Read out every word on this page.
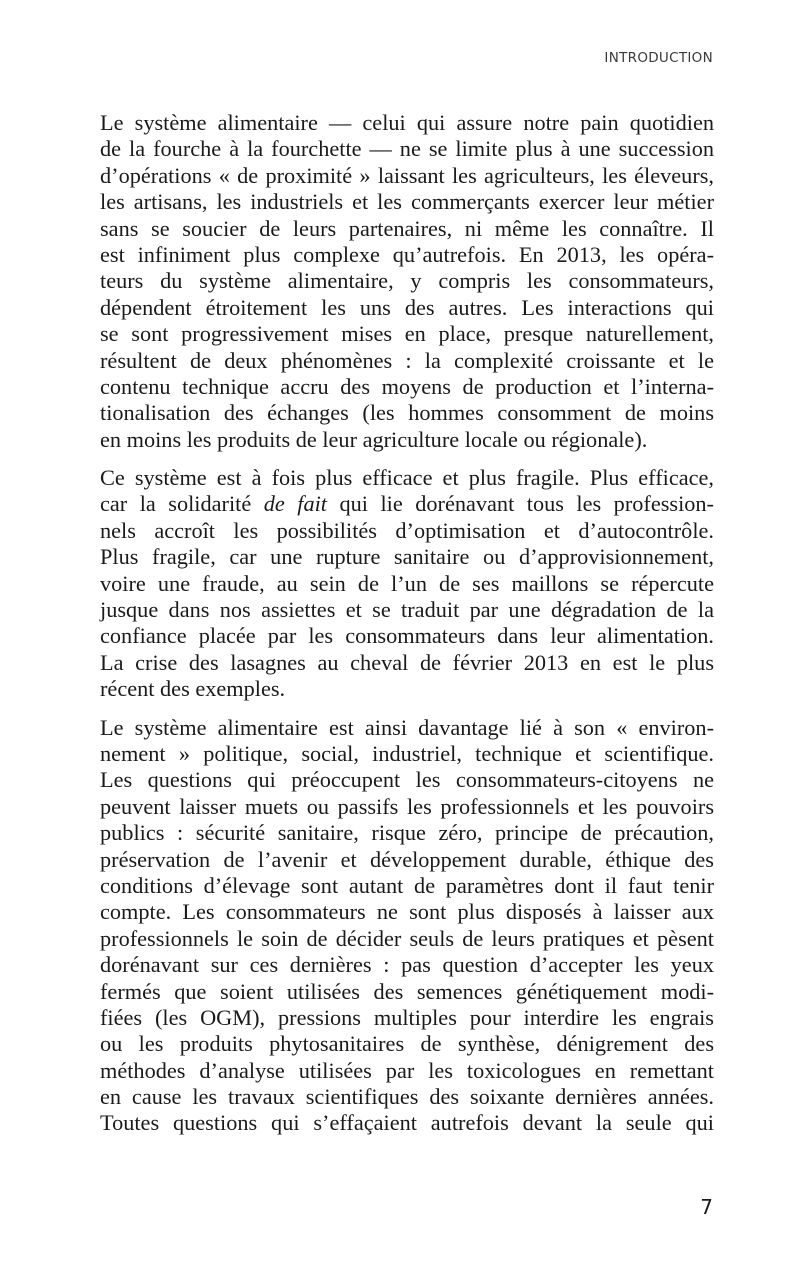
INTRODUCTION

Le système alimentaire — celui qui assure notre pain quotidien
de la fourche à la fourchette — ne se limite plus à une succession
d’opérations « de proximité » laissant les agriculteurs, les éleveurs,
les artisans, les industriels et les commerçants exercer leur métier
sans se soucier de leurs partenaires, ni même les connaître. Il
est infiniment plus complexe qu’autrefois. En 2013, les opéra-
teurs du système alimentaire, y compris les consommateurs,
dépendent étroitement les uns des autres. Les interactions qui
se sont progressivement mises en place, presque naturellement,
résultent de deux phénomènes : la complexité croissante et le
contenu technique accru des moyens de production et l’interna-
tionalisation des échanges (les hommes consomment de moins
en moins les produits de leur agriculture locale ou régionale).

Ce système est à fois plus efficace et plus fragile. Plus efficace,
car la solidarité de fait qui lie dorénavant tous les profession-
nels accroît les possibilités d’optimisation et d’autocontrôle.
Plus fragile, car une rupture sanitaire ou d’approvisionnement,
voire une fraude, au sein de l’un de ses maillons se répercute
jusque dans nos assiettes et se traduit par une dégradation de la
confiance placée par les consommateurs dans leur alimentation.
La crise des lasagnes au cheval de février 2013 en est le plus
récent des exemples.

Le système alimentaire est ainsi davantage lié à son « environ-
nement » politique, social, industriel, technique et scientifique.
Les questions qui préoccupent les consommateurs-citoyens ne
peuvent laisser muets ou passifs les professionnels et les pouvoirs
publics : sécurité sanitaire, risque zéro, principe de précaution,
préservation de l’avenir et développement durable, éthique des
conditions d’élevage sont autant de paramètres dont il faut tenir
compte. Les consommateurs ne sont plus disposés à laisser aux
professionnels le soin de décider seuls de leurs pratiques et pèsent
dorénavant sur ces dernières : pas question d’accepter les yeux
fermés que soient utilisées des semences génétiquement modi-
fiées (les OGM), pressions multiples pour interdire les engrais
ou les produits phytosanitaires de synthèse, dénigrement des
méthodes d’analyse utilisées par les toxicologues en remettant
en cause les travaux scientifiques des soixante dernières années.
Toutes questions qui s’effaçaient autrefois devant la seule qui

7
